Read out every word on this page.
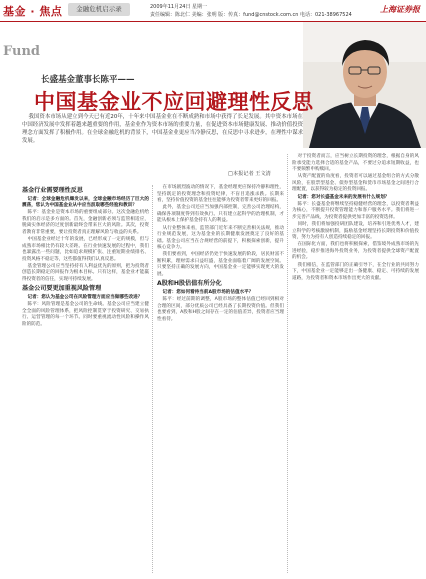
基金 · 焦点	金融危机启示录	2009年11月24日 星期一
责任编辑：陈北仁 美编：张明 版：传真：fund@cnstock.com.cn 电话：021-38967524
上海证券报
Fund
长盛基金董事长陈平——
中国基金业不应回避理性反思
我国资本市场从建立到今天已有近20年，十年来中国基金业在不断成熟和市场中获得了长足发展。其中资本市场在中国经济发展中发挥着越来越重要的作用，基金业作为资本市场的重要力量，在促进资本市场健康发展、推动价值投资理念方面发挥了积极作用。在全球金融危机的背景下，中国基金业更应当冷静反思，在反思中寻求进步，在理性中谋求发展。
□本报记者 王文清
基金行业需要理性反思

记者：全球金融危机爆发以来，全球金融市场经历了巨大的震荡，您认为中国基金业从中应当汲取哪些经验和教训？

陈平：基金业是资本市场的重要组成部分。这次金融危机给我们的启示是多方面的。首先，金融创新必须与监管相适应，脱离实体经济的过度创新最终会带来巨大的风险。其次，投资者教育非常重要，要让投资者真正理解风险与收益的关系。

中国基金业经过十年的发展，已经形成了一定的规模，但与成熟市场相比仍有较大差距。在行业快速发展的过程中，我们也暴露出一些问题，比如追求规模扩张、注重短期业绩排名、投资风格不稳定等，这些都值得我们认真反思。

基金管理公司应当坚持持有人利益优先的原则，把为投资者创造长期稳定的回报作为根本目标。只有这样，基金业才能赢得投资者的信任，实现可持续发展。

基金公司要更加重视风险管理

记者：您认为基金公司在风险管理方面应当做哪些改进？

陈平：风险管理是基金公司的生命线。基金公司应当建立健全全面的风险管理体系，把风险控制贯穿于投资研究、交易执行、运营管理的每一个环节。同时要重视流动性风险和操作风险的防范。

在市场剧烈波动的情况下，基金经理更应保持冷静和理性，坚持既定的投资理念和投资纪律，不盲目追涨杀跌。长期来看，坚持价值投资的基金往往能够为投资者带来更好的回报。

此外，基金公司还应当加强内部控制，完善公司治理结构，确保各项制度得到有效执行。只有建立起科学的治理机制，才能从根本上保护基金持有人的利益。

从行业整体来看，监管部门近年来不断完善相关法规，推动行业规范发展，这为基金业的长期健康发展奠定了良好的基础。基金公司应当在合规经营的前提下，积极探索创新，提升核心竞争力。

我们要看到，中国经济仍处于快速发展的阶段，居民财富不断积累，理财需求日益旺盛，基金业面临着广阔的发展空间。只要坚持正确的发展方向，中国基金业一定能够实现更大的发展。

A股和H股估值有所分化

记者：您如何看待当前A股市场的估值水平？

陈平：经过前期的调整，A股市场的整体估值已经回到相对合理的区间，部分优质公司已经具备了长期投资价值。但我们也要看到，A股和H股之间存在一定的估值差异，投资者应当理性看待。

对于投资者而言，应当树立长期投资的理念，根据自身的风险承受能力选择合适的基金产品，不要过分追求短期收益，也不要频繁申购赎回。

从资产配置的角度看，投资者可以通过基金组合的方式分散风险，在股票型基金、债券型基金和货币市场基金之间进行合理配置，以获得较为稳定的投资回报。

记者：您对长盛基金未来的发展有什么规划？

陈平：长盛基金将继续坚持稳健经营的理念，以投资者利益为核心，不断提升投资管理能力和客户服务水平。我们将进一步完善产品线，为投资者提供更加丰富的投资选择。

同时，我们将加强投研团队建设，培养和引进优秀人才，建立科学的考核激励机制，鼓励基金经理坚持长期投资和价值投资，努力为持有人创造持续稳定的回报。

在国际化方面，我们也将积极探索，借鉴境外成熟市场的先进经验，稳步推进海外投资业务，为投资者提供全球资产配置的机会。

我们相信，在监管部门的正确引导下，在全行业的共同努力下，中国基金业一定能够走出一条健康、稳定、可持续的发展道路，为投资者和资本市场作出更大的贡献。
